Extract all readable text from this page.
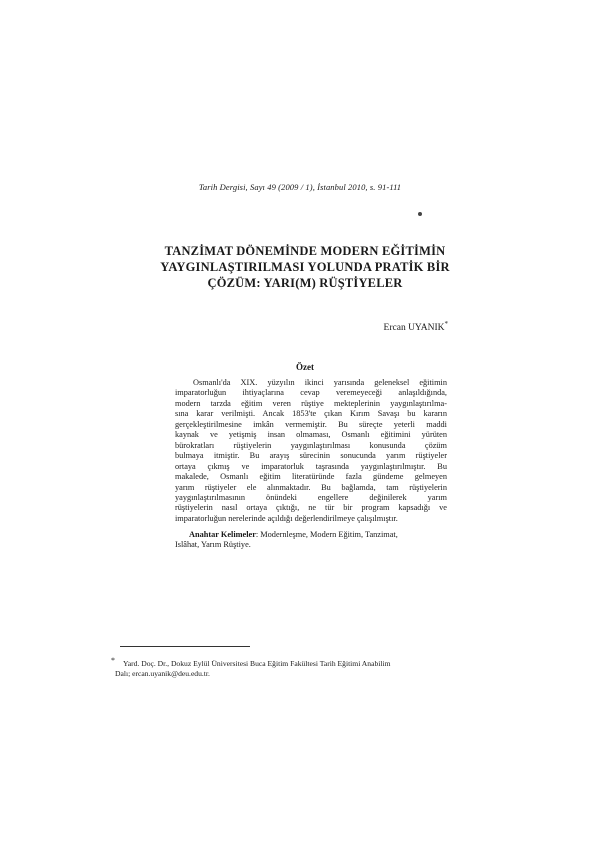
Tarih Dergisi, Sayı 49 (2009 / 1), İstanbul 2010, s. 91-111
TANZİMAT DÖNEMİNDE MODERN EĞİTİMİN
YAYGINLAŞTIRILMASI YOLUNDA PRATİK BİR
ÇÖZÜM: YARI(M) RÜŞTİYELER
Ercan UYANIK*
Özet

Osmanlı'da XIX. yüzyılın ikinci yarısında geleneksel eğitimin
imparatorluğun ihtiyaçlarına cevap veremeyeceği anlaşıldığında,
modern tarzda eğitim veren rüştiye mekteplerinin yaygınlaştırılma-
sına karar verilmişti. Ancak 1853'te çıkan Kırım Savaşı bu kararın
gerçekleştirilmesine imkân vermemiştir. Bu süreçte yeterli maddi
kaynak ve yetişmiş insan olmaması, Osmanlı eğitimini yürüten
bürokratları rüştiyelerin yaygınlaştırılması konusunda çözüm
bulmaya itmiştir. Bu arayış sürecinin sonucunda yarım rüştiyeler
ortaya çıkmış ve imparatorluk taşrasında yaygınlaştırılmıştır. Bu
makalede, Osmanlı eğitim literatüründe fazla gündeme gelmeyen
yarım rüştiyeler ele alınmaktadır. Bu bağlamda, tam rüştiyelerin
yaygınlaştırılmasının önündeki engellere değinilerek yarım
rüştiyelerin nasıl ortaya çıktığı, ne tür bir program kapsadığı ve
imparatorluğun nerelerinde açıldığı değerlendirilmeye çalışılmıştır.

Anahtar Kelimeler: Modernleşme, Modern Eğitim, Tanzimat,
Islâhat, Yarım Rüştiye.
*	Yard. Doç. Dr., Dokuz Eylül Üniversitesi Buca Eğitim Fakültesi Tarih Eğitimi Anabilim
Dalı; ercan.uyanik@deu.edu.tr.
